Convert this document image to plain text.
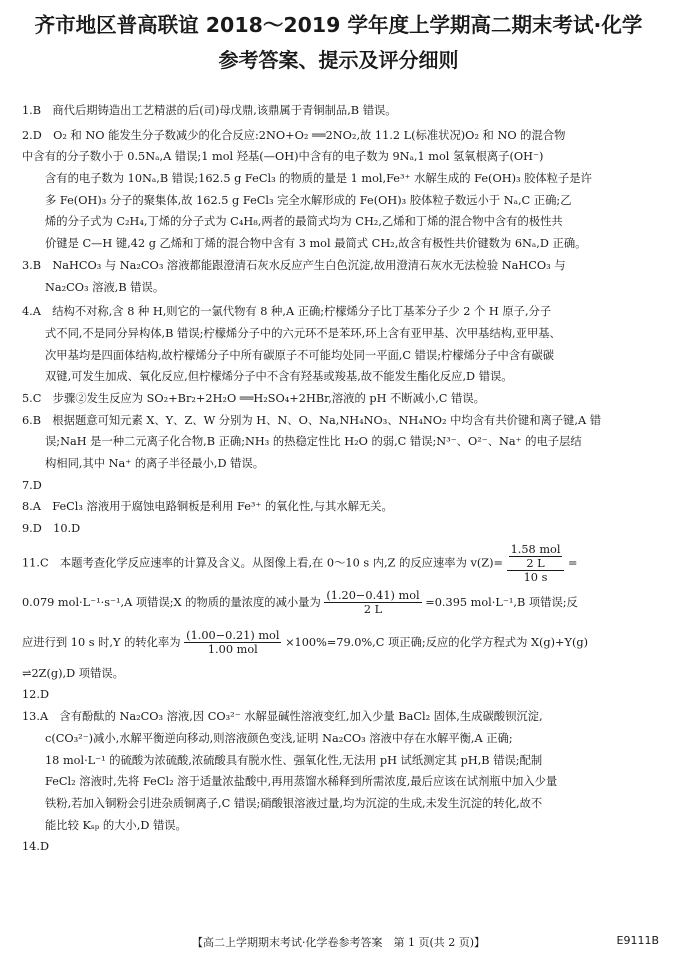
齐市地区普高联谊 2018～2019 学年度上学期高二期末考试·化学
参考答案、提示及评分细则
1.B　商代后期铸造出工艺精湛的后(司)母戊鼎,该鼎属于青铜制品,B 错误。
2.D　O₂ 和 NO 能发生分子数减少的化合反应:2NO+O₂ ══2NO₂,故 11.2 L(标准状况)O₂ 和 NO 的混合物
中含有的分子数小于 0.5Nₐ,A 错误;1 mol 羟基(—OH)中含有的电子数为 9Nₐ,1 mol 氢氧根离子(OH⁻)
含有的电子数为 10Nₐ,B 错误;162.5 g FeCl₃ 的物质的量是 1 mol,Fe³⁺ 水解生成的 Fe(OH)₃ 胶体粒子是许
多 Fe(OH)₃ 分子的聚集体,故 162.5 g FeCl₃ 完全水解形成的 Fe(OH)₃ 胶体粒子数远小于 Nₐ,C 正确;乙
烯的分子式为 C₂H₄,丁烯的分子式为 C₄H₈,两者的最简式均为 CH₂,乙烯和丁烯的混合物中含有的极性共
价键是 C—H 键,42 g 乙烯和丁烯的混合物中含有 3 mol 最简式 CH₂,故含有极性共价键数为 6Nₐ,D 正确。
3.B　NaHCO₃ 与 Na₂CO₃ 溶液都能跟澄清石灰水反应产生白色沉淀,故用澄清石灰水无法检验 NaHCO₃ 与
Na₂CO₃ 溶液,B 错误。
4.A　结构不对称,含 8 种 H,则它的一氯代物有 8 种,A 正确;柠檬烯分子比丁基苯分子少 2 个 H 原子,分子
式不同,不是同分异构体,B 错误;柠檬烯分子中的六元环不是苯环,环上含有亚甲基、次甲基结构,亚甲基、
次甲基均是四面体结构,故柠檬烯分子中所有碳原子不可能均处同一平面,C 错误;柠檬烯分子中含有碳碳
双键,可发生加成、氧化反应,但柠檬烯分子中不含有羟基或羧基,故不能发生酯化反应,D 错误。
5.C　步骤②发生反应为 SO₂+Br₂+2H₂O ══H₂SO₄+2HBr,溶液的 pH 不断减小,C 错误。
6.B　根据题意可知元素 X、Y、Z、W 分别为 H、N、O、Na,NH₄NO₃、NH₄NO₂ 中均含有共价键和离子键,A 错
误;NaH 是一种二元离子化合物,B 正确;NH₃ 的热稳定性比 H₂O 的弱,C 错误;N³⁻、O²⁻、Na⁺ 的电子层结
构相同,其中 Na⁺ 的离子半径最小,D 错误。
7.D
8.A　FeCl₃ 溶液用于腐蚀电路铜板是利用 Fe³⁺ 的氧化性,与其水解无关。
9.D　10.D
11.C　本题考查化学反应速率的计算及含义。从图像上看,在 0～10 s 内,Z 的反应速率为 $v(Z)= \frac{\frac{\text{1.58 mol}}{2 L}}{10 s}$ =
0.079 mol·L⁻¹·s⁻¹,A 项错误;X 的物质的量浓度的减小量为 $\frac{\text{(1.20−0.41) mol}}{2 L} =0.395$ mol·L⁻¹,B 项错误;反
应进行到 10 s 时,Y 的转化率为 $\frac{\text{(1.00−0.21) mol}}{\text{1.00 mol}} \times 100\%=79.0\%,C$ 项正确;反应的化学方程式为 X(g)+Y(g)
⇌2Z(g),D 项错误。
12.D
13.A　含有酚酞的 Na₂CO₃ 溶液,因 CO₃²⁻ 水解显碱性溶液变红,加入少量 BaCl₂ 固体,生成碳酸钡沉淀,
c(CO₃²⁻)减小,水解平衡逆向移动,则溶液颜色变浅,证明 Na₂CO₃ 溶液中存在水解平衡,A 正确;
18 mol·L⁻¹ 的硫酸为浓硫酸,浓硫酸具有脱水性、强氧化性,无法用 pH 试纸测定其 pH,B 错误;配制
FeCl₂ 溶液时,先将 FeCl₂ 溶于适量浓盐酸中,再用蒸馏水稀释到所需浓度,最后应该在试剂瓶中加入少量
铁粉,若加入铜粉会引进杂质铜离子,C 错误;硝酸银溶液过量,均为沉淀的生成,未发生沉淀的转化,故不
能比较 Kₛₚ 的大小,D 错误。
14.D
【高二上学期期末考试·化学卷参考答案　第 1 页(共 2 页)】	E9111B
